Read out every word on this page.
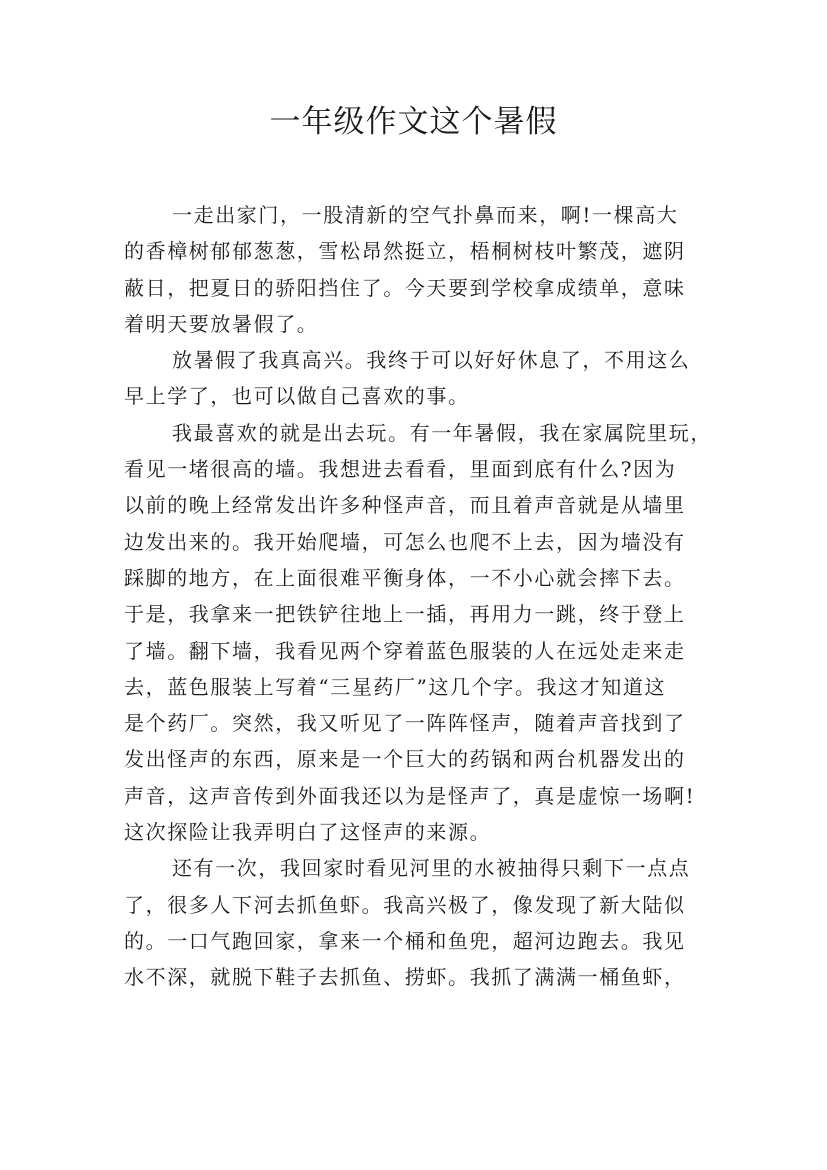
一年级作文这个暑假
一走出家门，一股清新的空气扑鼻而来，啊!一棵高大
的香樟树郁郁葱葱，雪松昂然挺立，梧桐树枝叶繁茂，遮阴
蔽日，把夏日的骄阳挡住了。今天要到学校拿成绩单，意味
着明天要放暑假了。
放暑假了我真高兴。我终于可以好好休息了，不用这么
早上学了，也可以做自己喜欢的事。
我最喜欢的就是出去玩。有一年暑假，我在家属院里玩，
看见一堵很高的墙。我想进去看看，里面到底有什么?因为
以前的晚上经常发出许多种怪声音，而且着声音就是从墙里
边发出来的。我开始爬墙，可怎么也爬不上去，因为墙没有
踩脚的地方，在上面很难平衡身体，一不小心就会摔下去。
于是，我拿来一把铁铲往地上一插，再用力一跳，终于登上
了墙。翻下墙，我看见两个穿着蓝色服装的人在远处走来走
去，蓝色服装上写着“三星药厂”这几个字。我这才知道这
是个药厂。突然，我又听见了一阵阵怪声，随着声音找到了
发出怪声的东西，原来是一个巨大的药锅和两台机器发出的
声音，这声音传到外面我还以为是怪声了，真是虚惊一场啊!
这次探险让我弄明白了这怪声的来源。
还有一次，我回家时看见河里的水被抽得只剩下一点点
了，很多人下河去抓鱼虾。我高兴极了，像发现了新大陆似
的。一口气跑回家，拿来一个桶和鱼兜，超河边跑去。我见
水不深，就脱下鞋子去抓鱼、捞虾。我抓了满满一桶鱼虾，
